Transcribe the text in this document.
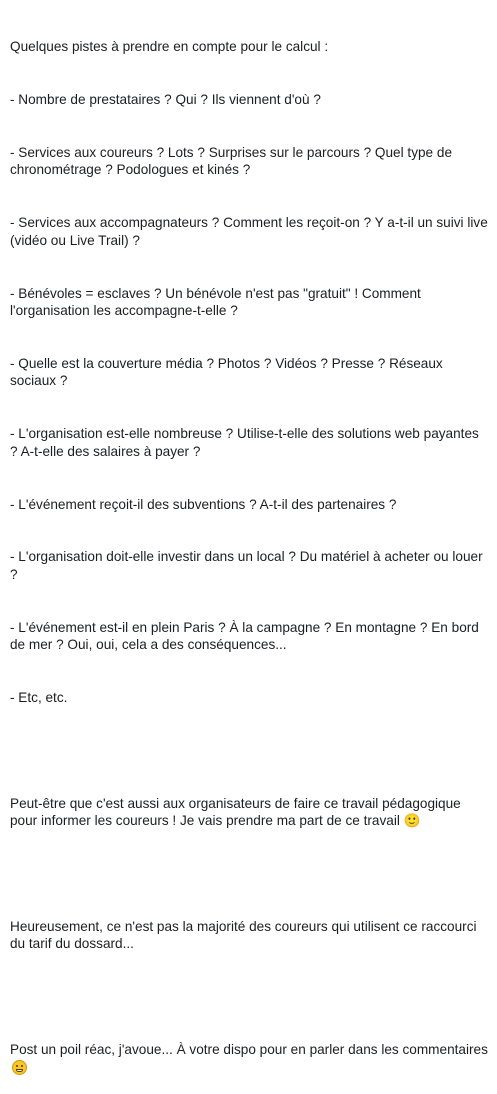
Quelques pistes à prendre en compte pour le calcul :

- Nombre de prestataires ? Qui ? Ils viennent d'où ?

- Services aux coureurs ? Lots ? Surprises sur le parcours ? Quel type de chronométrage ? Podologues et kinés ?

- Services aux accompagnateurs ? Comment les reçoit-on ? Y a-t-il un suivi live (vidéo ou Live Trail) ?

- Bénévoles = esclaves ? Un bénévole n'est pas "gratuit" ! Comment l'organisation les accompagne-t-elle ?

- Quelle est la couverture média ? Photos ? Vidéos ? Presse ? Réseaux sociaux ?

- L'organisation est-elle nombreuse ? Utilise-t-elle des solutions web payantes ? A-t-elle des salaires à payer ?

- L'événement reçoit-il des subventions ? A-t-il des partenaires ?

- L'organisation doit-elle investir dans un local ? Du matériel à acheter ou louer ?

- L'événement est-il en plein Paris ? À la campagne ? En montagne ? En bord de mer ? Oui, oui, cela a des conséquences...

- Etc, etc.

Peut-être que c'est aussi aux organisateurs de faire ce travail pédagogique pour informer les coureurs ! Je vais prendre ma part de ce travail 🙂

Heureusement, ce n'est pas la majorité des coureurs qui utilisent ce raccourci du tarif du dossard...

Post un poil réac, j'avoue... À votre dispo pour en parler dans les commentaires
